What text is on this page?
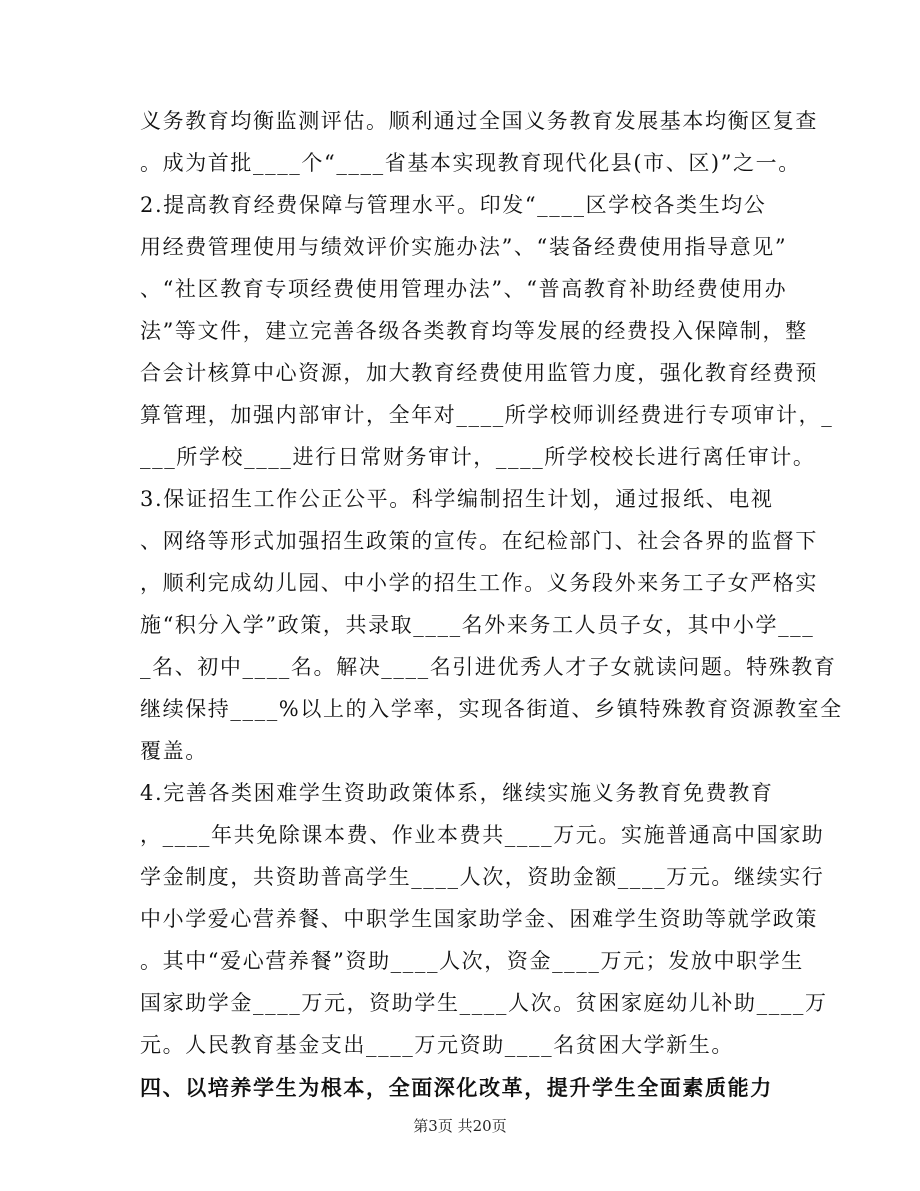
义务教育均衡监测评估。顺利通过全国义务教育发展基本均衡区复查
。成为首批____个“____省基本实现教育现代化县(市、区)”之一。
2.提高教育经费保障与管理水平。印发“____区学校各类生均公
用经费管理使用与绩效评价实施办法”、“装备经费使用指导意见”
、“社区教育专项经费使用管理办法”、“普高教育补助经费使用办
法”等文件，建立完善各级各类教育均等发展的经费投入保障制，整
合会计核算中心资源，加大教育经费使用监管力度，强化教育经费预
算管理，加强内部审计，全年对____所学校师训经费进行专项审计，_
___所学校____进行日常财务审计，____所学校校长进行离任审计。
3.保证招生工作公正公平。科学编制招生计划，通过报纸、电视
、网络等形式加强招生政策的宣传。在纪检部门、社会各界的监督下
，顺利完成幼儿园、中小学的招生工作。义务段外来务工子女严格实
施“积分入学”政策，共录取____名外来务工人员子女，其中小学___
_名、初中____名。解决____名引进优秀人才子女就读问题。特殊教育
继续保持____%以上的入学率，实现各街道、乡镇特殊教育资源教室全
覆盖。
4.完善各类困难学生资助政策体系，继续实施义务教育免费教育
，____年共免除课本费、作业本费共____万元。实施普通高中国家助
学金制度，共资助普高学生____人次，资助金额____万元。继续实行
中小学爱心营养餐、中职学生国家助学金、困难学生资助等就学政策
。其中“爱心营养餐”资助____人次，资金____万元；发放中职学生
国家助学金____万元，资助学生____人次。贫困家庭幼儿补助____万
元。人民教育基金支出____万元资助____名贫困大学新生。
四、以培养学生为根本，全面深化改革，提升学生全面素质能力
第3页 共20页
